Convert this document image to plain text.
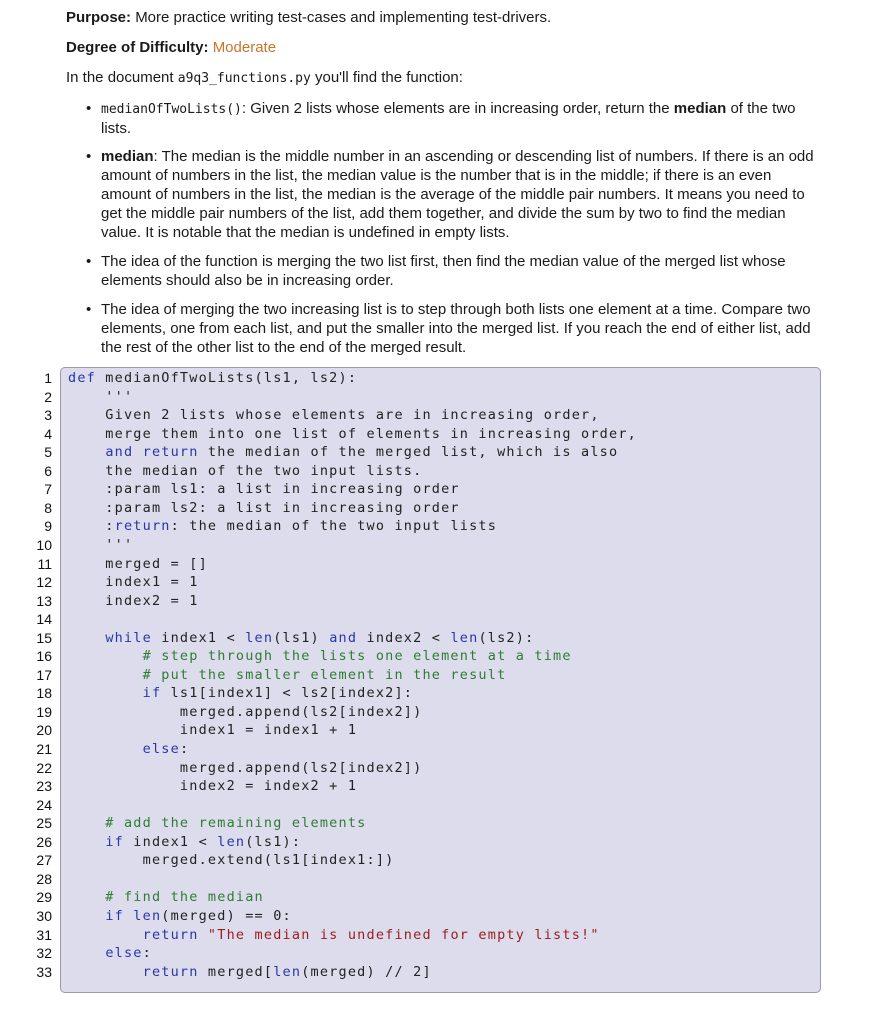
Purpose: More practice writing test-cases and implementing test-drivers.
Degree of Difficulty: Moderate
In the document a9q3_functions.py you'll find the function:
• medianOfTwoLists(): Given 2 lists whose elements are in increasing order, return the median of the two lists.
• median: The median is the middle number in an ascending or descending list of numbers. If there is an odd amount of numbers in the list, the median value is the number that is in the middle; if there is an even amount of numbers in the list, the median is the average of the middle pair numbers. It means you need to get the middle pair numbers of the list, add them together, and divide the sum by two to find the median value. It is notable that the median is undefined in empty lists.
• The idea of the function is merging the two list first, then find the median value of the merged list whose elements should also be in increasing order.
• The idea of merging the two increasing list is to step through both lists one element at a time. Compare two elements, one from each list, and put the smaller into the merged list. If you reach the end of either list, add the rest of the other list to the end of the merged result.
1
2
3
4
5
6
7
8
9
10
11
12
13
14
15
16
17
18
19
20
21
22
23
24
25
26
27
28
29
30
31
32
33
def medianOfTwoLists(ls1, ls2):
'''
Given 2 lists whose elements are in increasing order,
merge them into one list of elements in increasing order,
and return the median of the merged list, which is also
the median of the two input lists.
:param ls1: a list in increasing order
:param ls2: a list in increasing order
:return: the median of the two input lists
'''
merged = []
index1 = 1
index2 = 1
while index1 < len(ls1) and index2 < len(ls2):
# step through the lists one element at a time
# put the smaller element in the result
if ls1[index1] < ls2[index2]:
merged.append(ls2[index2])
index1 = index1 + 1
else:
merged.append(ls2[index2])
index2 = index2 + 1
# add the remaining elements
if index1 < len(ls1):
merged.extend(ls1[index1:])
# find the median
if len(merged) == 0:
return "The median is undefined for empty lists!"
else:
return merged[len(merged) // 2]
